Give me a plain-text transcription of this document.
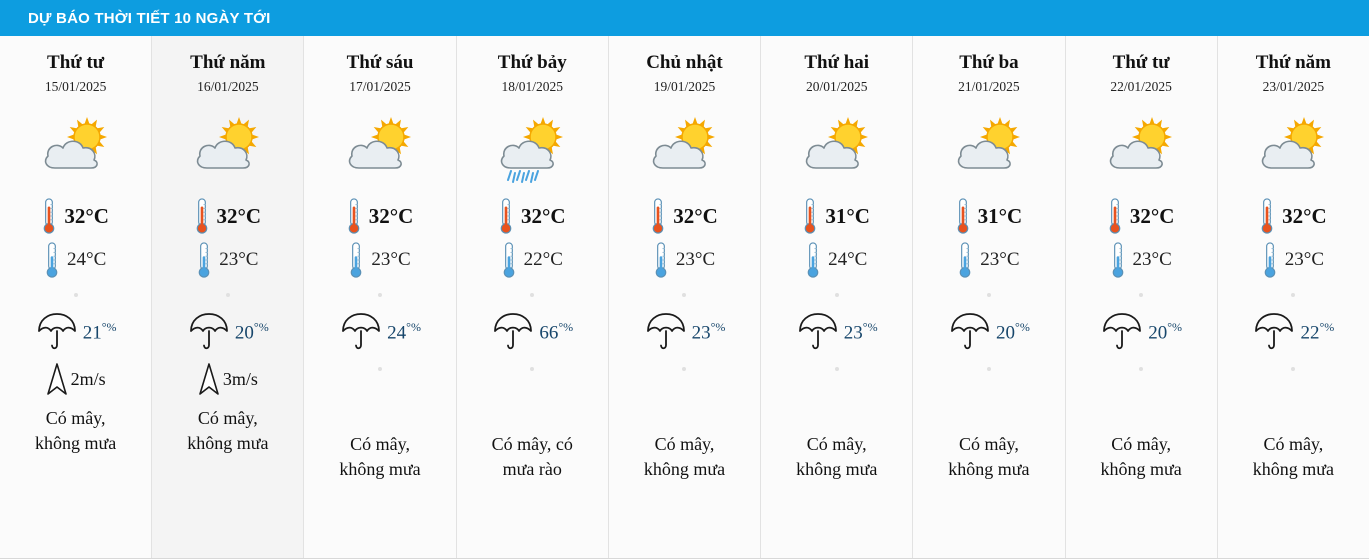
DỰ BÁO THỜI TIẾT 10 NGÀY TỚI
Thứ tư
15/01/2025
32°C
24°C
21°%
2m/s
Có mây,
không mưa
Thứ năm
16/01/2025
32°C
23°C
20°%
3m/s
Có mây,
không mưa
Thứ sáu
17/01/2025
32°C
23°C
24°%
Có mây,
không mưa
Thứ bảy
18/01/2025
32°C
22°C
66°%
Có mây, có
mưa rào
Chủ nhật
19/01/2025
32°C
23°C
23°%
Có mây,
không mưa
Thứ hai
20/01/2025
31°C
24°C
23°%
Có mây,
không mưa
Thứ ba
21/01/2025
31°C
23°C
20°%
Có mây,
không mưa
Thứ tư
22/01/2025
32°C
23°C
20°%
Có mây,
không mưa
Thứ năm
23/01/2025
32°C
23°C
22°%
Có mây,
không mưa
